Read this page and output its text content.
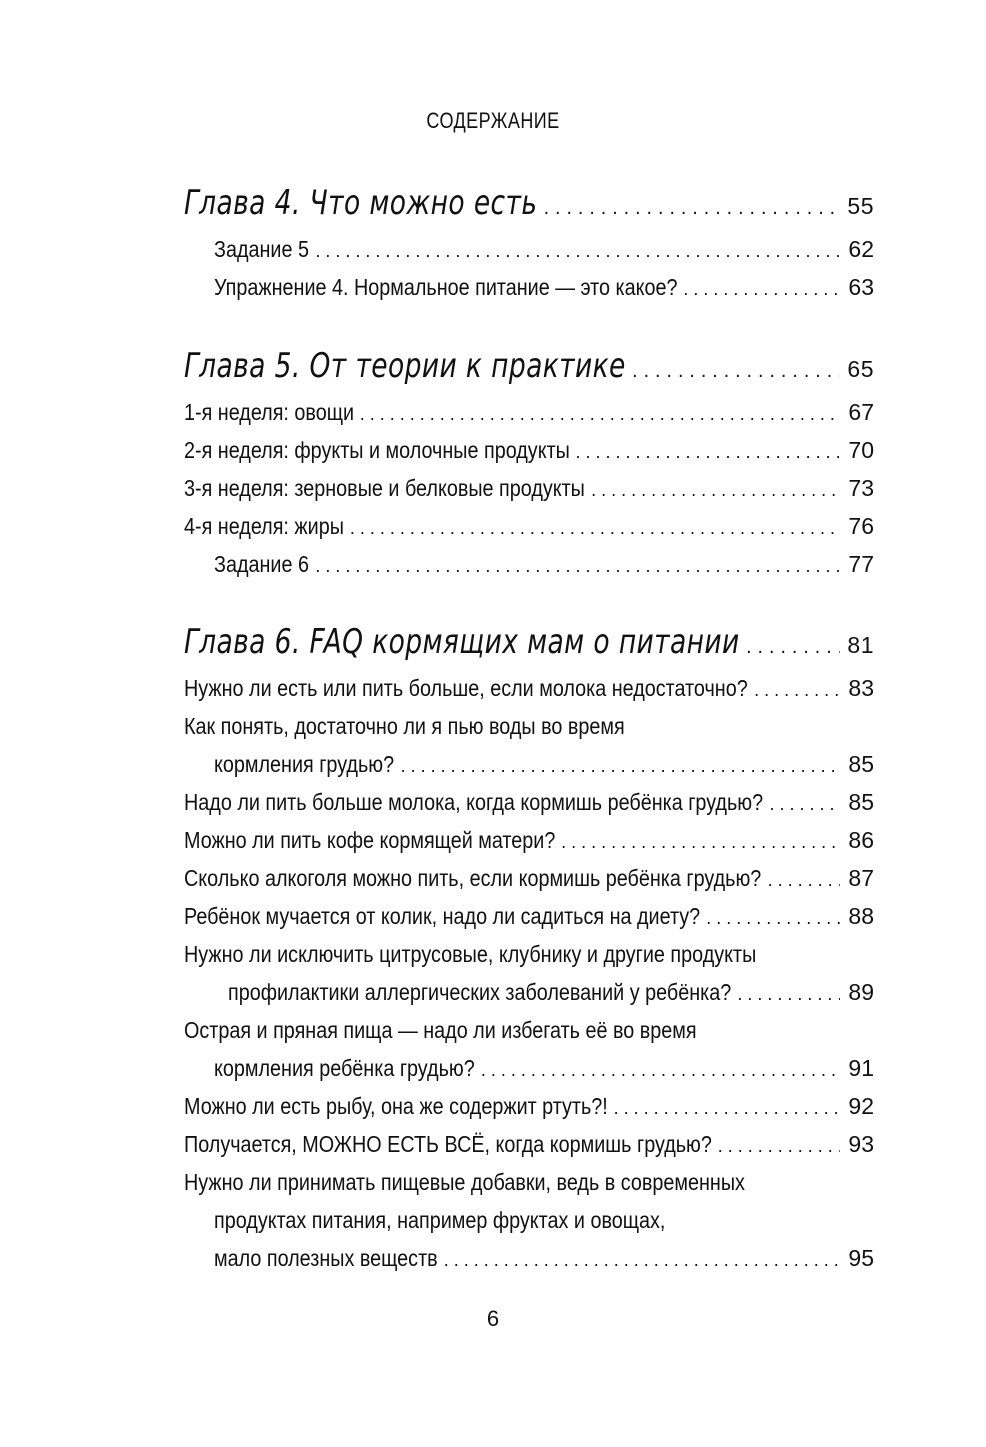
СОДЕРЖАНИЕ
Глава 4. Что можно есть . . .	55
Задание 5 . . .	62
Упражнение 4. Нормальное питание — это какое? . . .	63
Глава 5. От теории к практике . . .	65
1-я неделя: овощи . . .	67
2-я неделя: фрукты и молочные продукты . . .	70
3-я неделя: зерновые и белковые продукты . . .	73
4-я неделя: жиры . . .	76
Задание 6 . . .	77
Глава 6. FAQ кормящих мам о питании . . .	81
Нужно ли есть или пить больше, если молока недостаточно? . . .	83
Как понять, достаточно ли я пью воды во время
кормления грудью? . . .	85
Надо ли пить больше молока, когда кормишь ребёнка грудью? . . .	85
Можно ли пить кофе кормящей матери? . . .	86
Сколько алкоголя можно пить, если кормишь ребёнка грудью? . . .	87
Ребёнок мучается от колик, надо ли садиться на диету? . . .	88
Нужно ли исключить цитрусовые, клубнику и другие продукты
профилактики аллергических заболеваний у ребёнка? . . .	89
Острая и пряная пища — надо ли избегать её во время
кормления ребёнка грудью? . . .	91
Можно ли есть рыбу, она же содержит ртуть?! . . .	92
Получается, МОЖНО ЕСТЬ ВСЁ, когда кормишь грудью? . . .	93
Нужно ли принимать пищевые добавки, ведь в современных
продуктах питания, например фруктах и овощах,
мало полезных веществ . . .	95
6
